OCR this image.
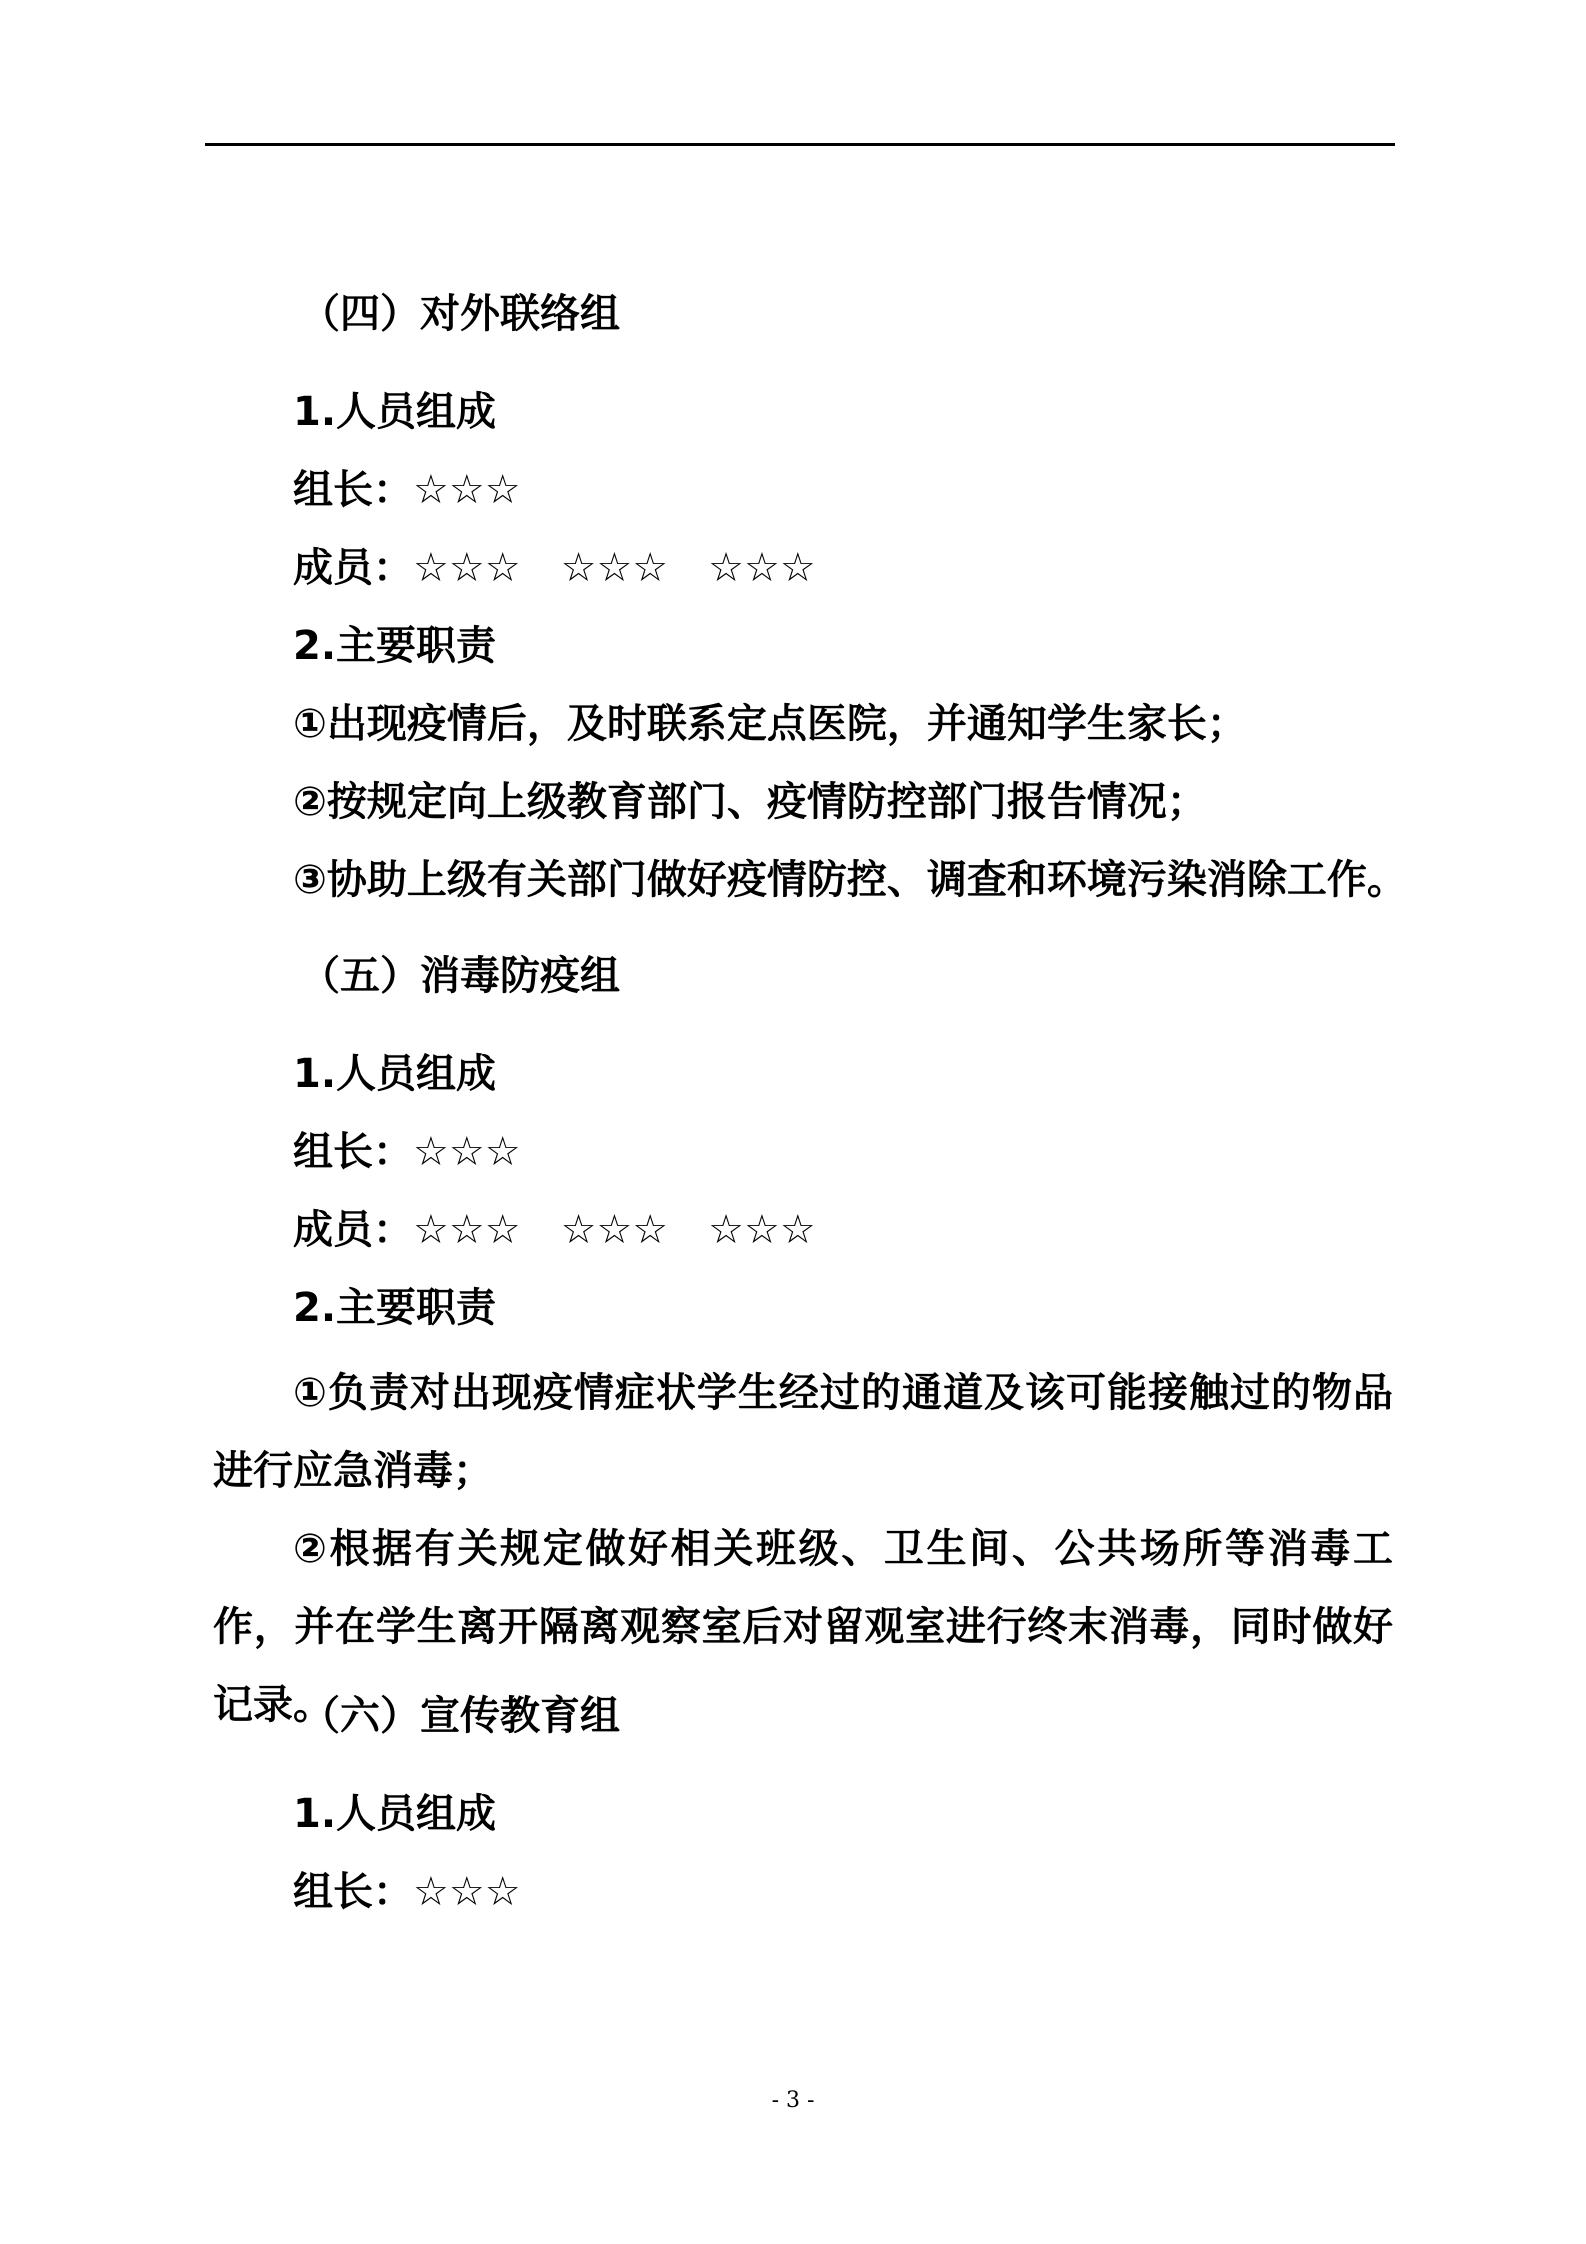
（四）对外联络组
1.人员组成
组长：☆☆☆
成员：☆☆☆ ☆☆☆ ☆☆☆
2.主要职责
①出现疫情后，及时联系定点医院，并通知学生家长；
②按规定向上级教育部门、疫情防控部门报告情况；
③协助上级有关部门做好疫情防控、调查和环境污染消除工作。
（五）消毒防疫组
1.人员组成
组长：☆☆☆
成员：☆☆☆ ☆☆☆ ☆☆☆
2.主要职责
①负责对出现疫情症状学生经过的通道及该可能接触过的物品进行应急消毒；
②根据有关规定做好相关班级、卫生间、公共场所等消毒工作，并在学生离开隔离观察室后对留观室进行终末消毒，同时做好记录。
（六）宣传教育组
1.人员组成
组长：☆☆☆
- 3 -
